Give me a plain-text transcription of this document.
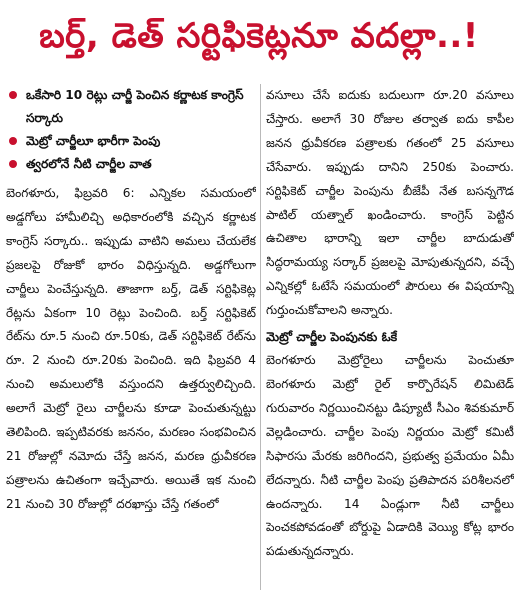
బర్త్, డెత్ సర్టిఫికెట్లనూ వదల్లా..!
ఒకేసారి 10 రెట్లు చార్జీ పెంచిన కర్ణాటక కాంగ్రెస్ సర్కారు
మెట్రో చార్జీలూ భారీగా పెంపు
త్వరలోనే నీటి చార్జీల వాత

బెంగళూరు, ఫిబ్రవరి 6: ఎన్నికల సమయంలో అడ్డగోలు హామీలిచ్చి అధికారంలోకి వచ్చిన కర్ణాటక కాంగ్రెస్ సర్కారు.. ఇప్పుడు వాటిని అమలు చేయలేక ప్రజలపై రోజుకో భారం విధిస్తున్నది. అడ్డగోలుగా చార్జీలు పెంచేస్తున్నది. తాజాగా బర్త్, డెత్ సర్టిఫికెట్ల రేట్లను ఏకంగా 10 రెట్లు పెంచింది. బర్త్ సర్టిఫికెట్ రేట్‌ను రూ.5 నుంచి రూ.50కు, డెత్ సర్టిఫికెట్ రేట్‌ను రూ. 2 నుంచి రూ.20కు పెంచింది. ఇది ఫిబ్రవరి 4 నుంచి అమలులోకి వస్తుందని ఉత్తర్వులిచ్చింది. అలాగే మెట్రో రైలు చార్జీలను కూడా పెంచుతున్నట్టు తెలిపింది. ఇప్పటివరకు జననం, మరణం సంభవించిన 21 రోజుల్లో నమోదు చేస్తే జనన, మరణ ధ్రువీకరణ పత్రాలను ఉచితంగా ఇచ్చేవారు. అయితే ఇక నుంచి 21 నుంచి 30 రోజుల్లో దరఖాస్తు చేస్తే గతంలో

వసూలు చేసే ఐదుకు బదులుగా రూ.20 వసూలు చేస్తారు. అలాగే 30 రోజుల తర్వాత ఐదు కాపీల జనన ధ్రువీకరణ పత్రాలకు గతంలో 25 వసూలు చేసేవారు. ఇప్పుడు దానిని 250కు పెంచారు. సర్టిఫికెట్ చార్జీల పెంపును బీజేపీ నేత బసన్నగౌడ పాటిల్ యత్నాల్ ఖండించారు. కాంగ్రెస్ పెట్టిన ఉచితాల భారాన్ని ఇలా చార్జీల బాదుడుతో సిద్ధరామయ్య సర్కార్ ప్రజలపై మోపుతున్నదని, వచ్చే ఎన్నికల్లో ఓటేసే సమయంలో పౌరులు ఈ విషయాన్ని గుర్తుంచుకోవాలని అన్నారు.

మెట్రో చార్జీల పెంపునకు ఓకే

బెంగళూరు మెట్రోరైలు చార్జీలను పెంచుతూ బెంగళూరు మెట్రో రైల్ కార్పొరేషన్ లిమిటెడ్ గురువారం నిర్ణయించినట్టు డిప్యూటీ సీఎం శివకుమార్ వెల్లడించారు. చార్జీల పెంపు నిర్ణయం మెట్రో కమిటీ సిఫారసు మేరకు జరిగిందని, ప్రభుత్వ ప్రమేయం ఏమీ లేదన్నారు. నీటి చార్జీల పెంపు ప్రతిపాదన పరిశీలనలో ఉందన్నారు. 14 ఏండ్లుగా నీటి చార్జీలు పెంచకపోవడంతో బోర్డుపై ఏడాదికి వెయ్యి కోట్ల భారం పడుతున్నదన్నారు.
